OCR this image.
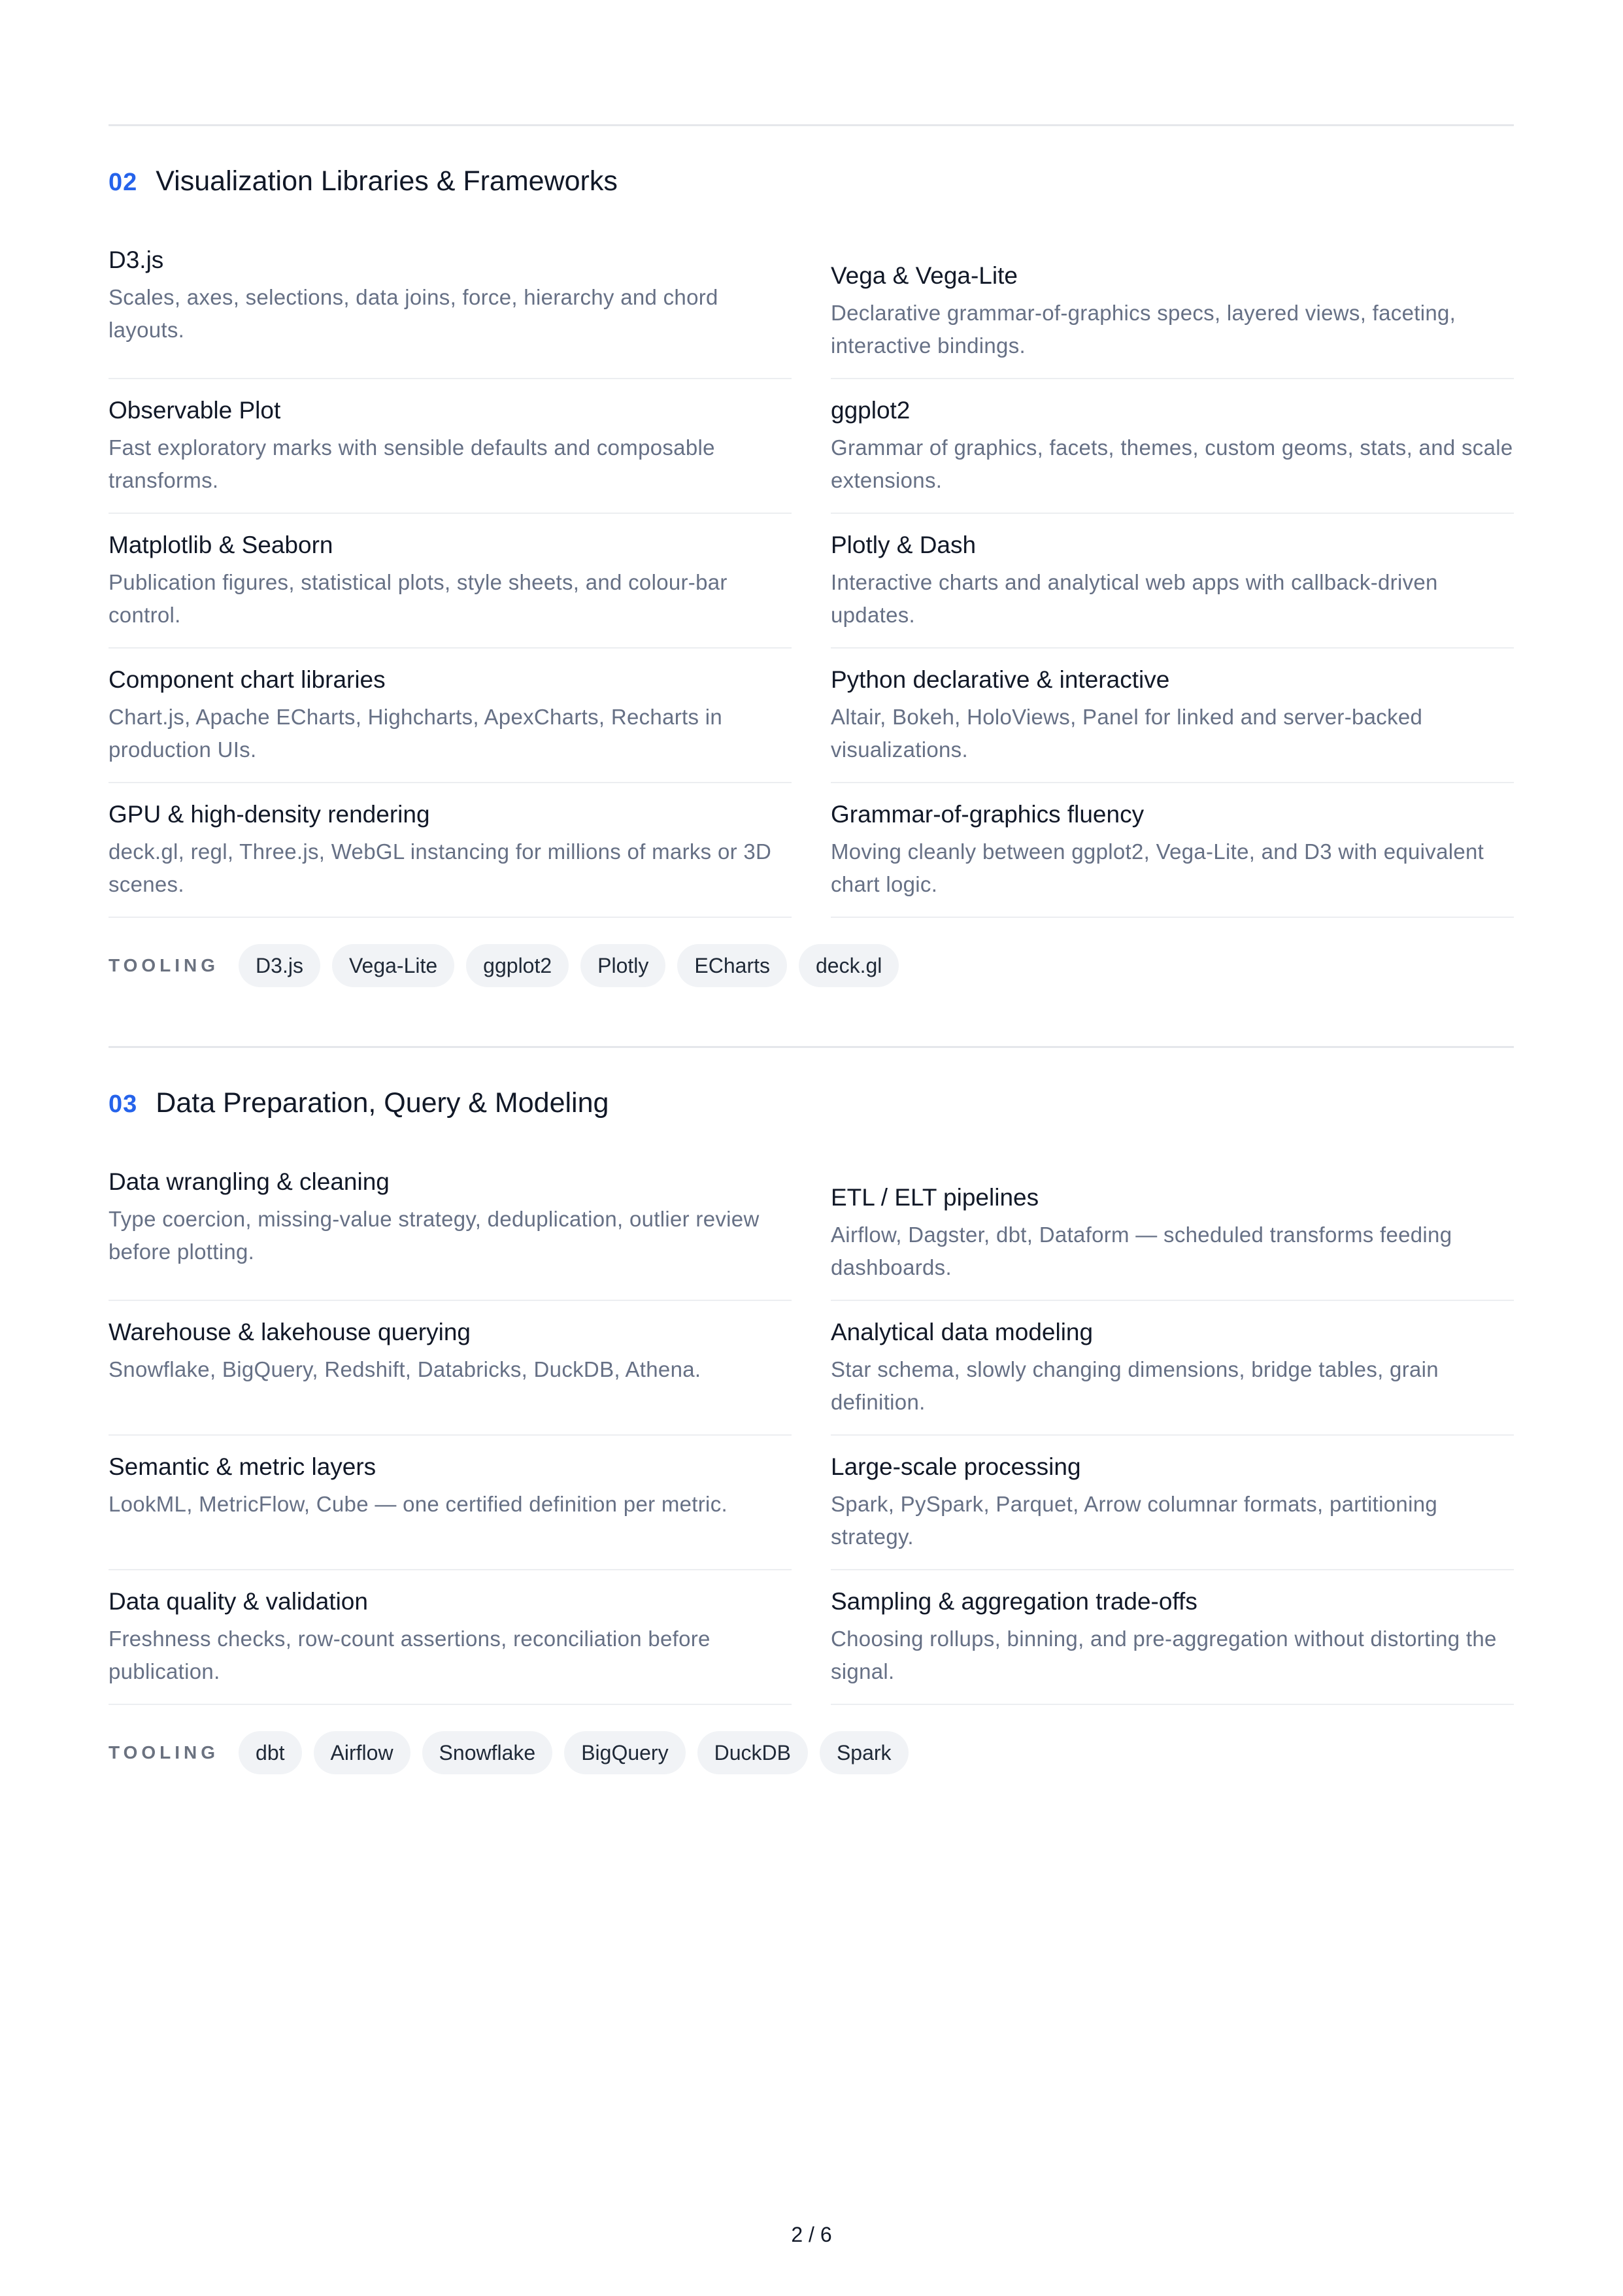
02 Visualization Libraries & Frameworks
D3.js
Scales, axes, selections, data joins, force, hierarchy and chord layouts.
Vega & Vega-Lite
Declarative grammar-of-graphics specs, layered views, faceting, interactive bindings.
Observable Plot
Fast exploratory marks with sensible defaults and composable transforms.
ggplot2
Grammar of graphics, facets, themes, custom geoms, stats, and scale extensions.
Matplotlib & Seaborn
Publication figures, statistical plots, style sheets, and colour-bar control.
Plotly & Dash
Interactive charts and analytical web apps with callback-driven updates.
Component chart libraries
Chart.js, Apache ECharts, Highcharts, ApexCharts, Recharts in production UIs.
Python declarative & interactive
Altair, Bokeh, HoloViews, Panel for linked and server-backed visualizations.
GPU & high-density rendering
deck.gl, regl, Three.js, WebGL instancing for millions of marks or 3D scenes.
Grammar-of-graphics fluency
Moving cleanly between ggplot2, Vega-Lite, and D3 with equivalent chart logic.
TOOLING	D3.js	Vega-Lite	ggplot2	Plotly	ECharts	deck.gl
03 Data Preparation, Query & Modeling
Data wrangling & cleaning
Type coercion, missing-value strategy, deduplication, outlier review before plotting.
ETL / ELT pipelines
Airflow, Dagster, dbt, Dataform — scheduled transforms feeding dashboards.
Warehouse & lakehouse querying
Snowflake, BigQuery, Redshift, Databricks, DuckDB, Athena.
Analytical data modeling
Star schema, slowly changing dimensions, bridge tables, grain definition.
Semantic & metric layers
LookML, MetricFlow, Cube — one certified definition per metric.
Large-scale processing
Spark, PySpark, Parquet, Arrow columnar formats, partitioning strategy.
Data quality & validation
Freshness checks, row-count assertions, reconciliation before publication.
Sampling & aggregation trade-offs
Choosing rollups, binning, and pre-aggregation without distorting the signal.
TOOLING	dbt	Airflow	Snowflake	BigQuery	DuckDB	Spark
2 / 6
